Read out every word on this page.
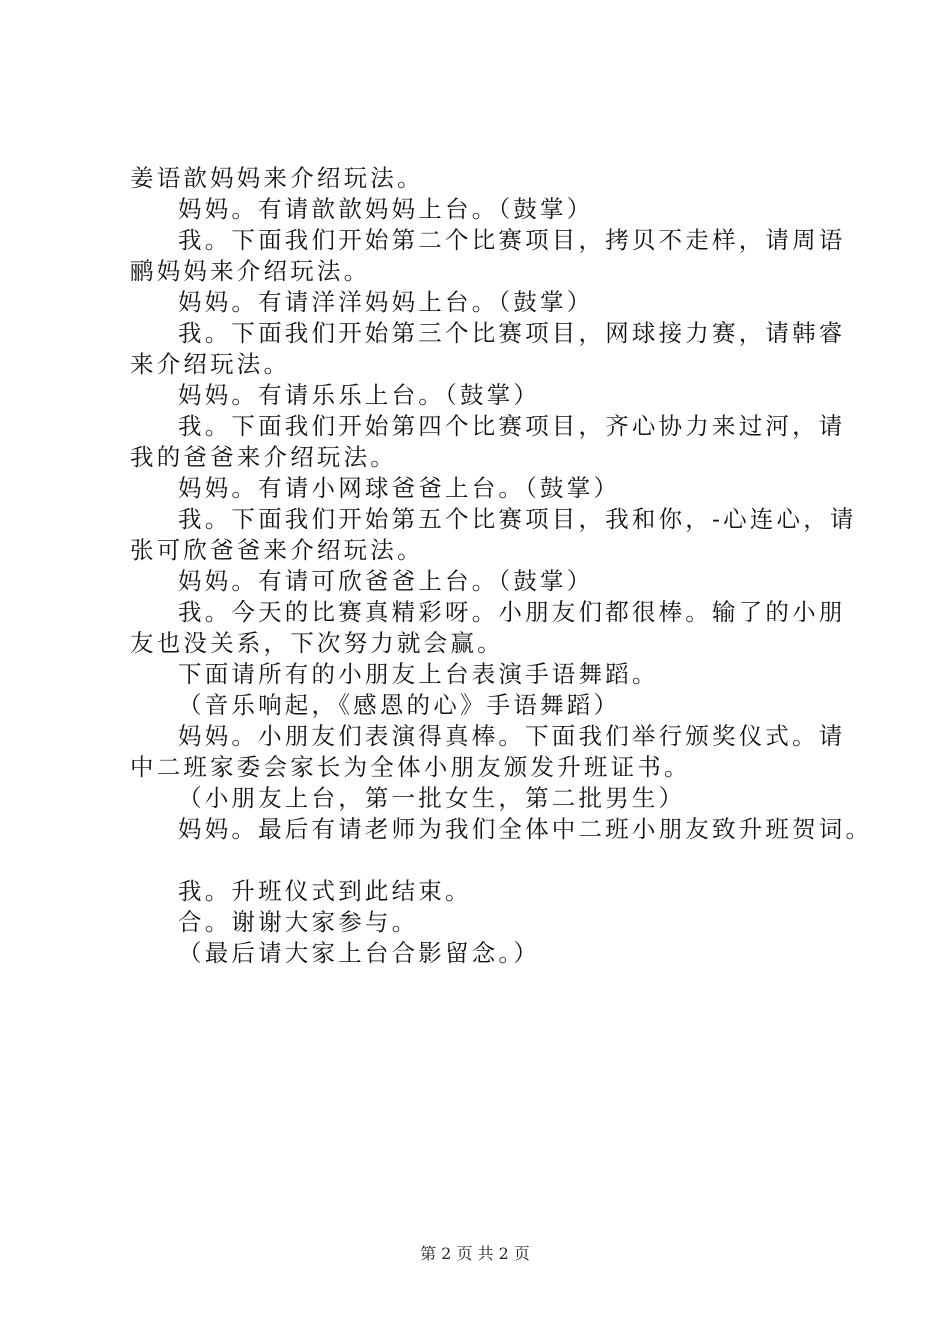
姜语歆妈妈来介绍玩法。
妈妈。有请歆歆妈妈上台。（鼓掌）
我。下面我们开始第二个比赛项目，拷贝不走样，请周语
鹂妈妈来介绍玩法。
妈妈。有请洋洋妈妈上台。（鼓掌）
我。下面我们开始第三个比赛项目，网球接力赛，请韩睿
来介绍玩法。
妈妈。有请乐乐上台。（鼓掌）
我。下面我们开始第四个比赛项目，齐心协力来过河，请
我的爸爸来介绍玩法。
妈妈。有请小网球爸爸上台。（鼓掌）
我。下面我们开始第五个比赛项目，我和你，-心连心，请
张可欣爸爸来介绍玩法。
妈妈。有请可欣爸爸上台。（鼓掌）
我。今天的比赛真精彩呀。小朋友们都很棒。输了的小朋
友也没关系，下次努力就会赢。
下面请所有的小朋友上台表演手语舞蹈。
（音乐响起，《感恩的心》手语舞蹈）
妈妈。小朋友们表演得真棒。下面我们举行颁奖仪式。请
中二班家委会家长为全体小朋友颁发升班证书。
（小朋友上台，第一批女生，第二批男生）
妈妈。最后有请老师为我们全体中二班小朋友致升班贺词。
我。升班仪式到此结束。
合。谢谢大家参与。
（最后请大家上台合影留念。）
第 2 页 共 2 页
